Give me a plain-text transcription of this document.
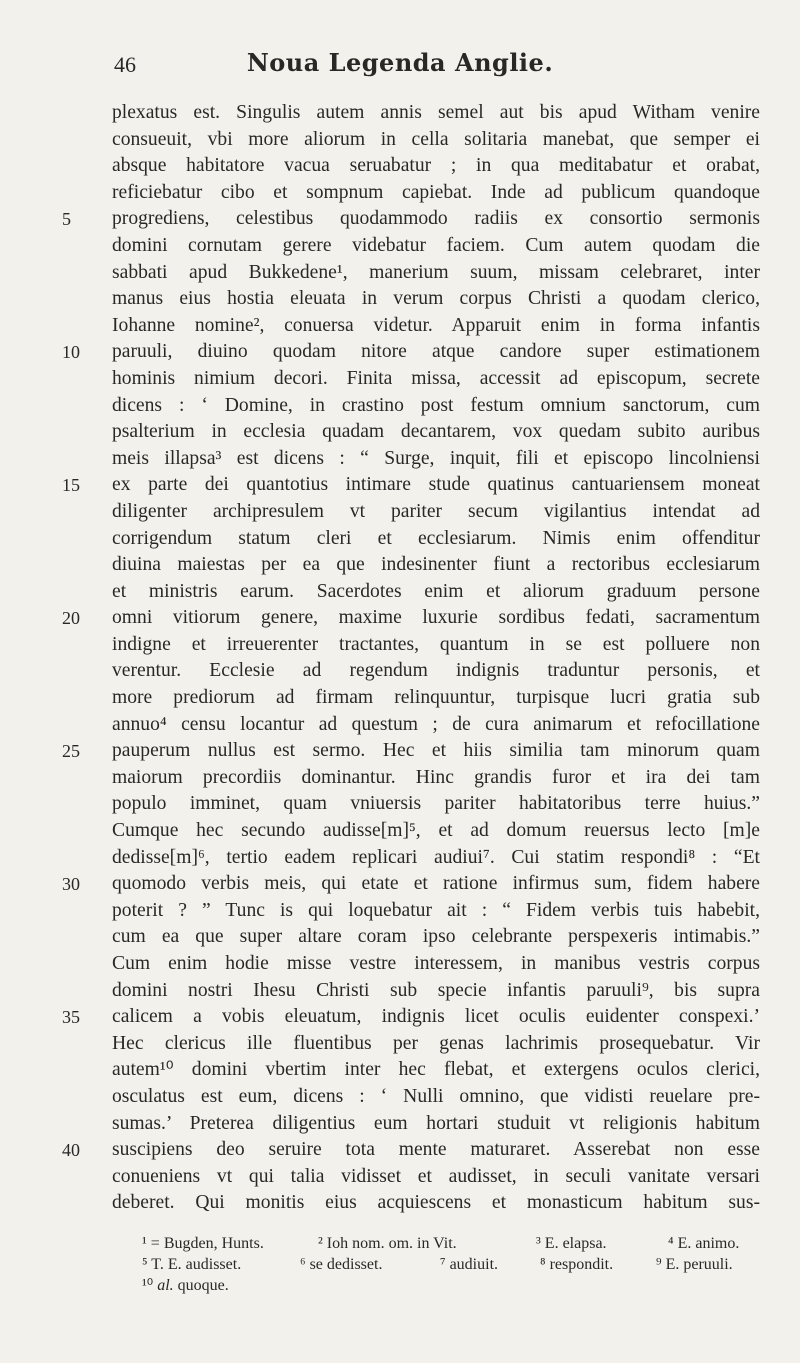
46	Noua Legenda Anglie.
plexatus est. Singulis autem annis semel aut bis apud Witham venire
consueuit, vbi more aliorum in cella solitaria manebat, que semper ei
absque habitatore vacua seruabatur ; in qua meditabatur et orabat,
reficiebatur cibo et sompnum capiebat. Inde ad publicum quandoque
5	progrediens, celestibus quodammodo radiis ex consortio sermonis
domini cornutam gerere videbatur faciem. Cum autem quodam die
sabbati apud Bukkedene¹, manerium suum, missam celebraret, inter
manus eius hostia eleuata in verum corpus Christi a quodam clerico,
Iohanne nomine², conuersa videtur. Apparuit enim in forma infantis
10	paruuli, diuino quodam nitore atque candore super estimationem
hominis nimium decori. Finita missa, accessit ad episcopum, secrete
dicens : ‘ Domine, in crastino post festum omnium sanctorum, cum
psalterium in ecclesia quadam decantarem, vox quedam subito auribus
meis illapsa³ est dicens : “ Surge, inquit, fili et episcopo lincolniensi
15	ex parte dei quantotius intimare stude quatinus cantuariensem moneat
diligenter archipresulem vt pariter secum vigilantius intendat ad
corrigendum statum cleri et ecclesiarum. Nimis enim offenditur
diuina maiestas per ea que indesinenter fiunt a rectoribus ecclesiarum
et ministris earum. Sacerdotes enim et aliorum graduum persone
20	omni vitiorum genere, maxime luxurie sordibus fedati, sacramentum
indigne et irreuerenter tractantes, quantum in se est polluere non
verentur. Ecclesie ad regendum indignis traduntur personis, et
more prediorum ad firmam relinquuntur, turpisque lucri gratia sub
annuo⁴ censu locantur ad questum ; de cura animarum et refocillatione
25	pauperum nullus est sermo. Hec et hiis similia tam minorum quam
maiorum precordiis dominantur. Hinc grandis furor et ira dei tam
populo imminet, quam vniuersis pariter habitatoribus terre huius.”
Cumque hec secundo audisse[m]⁵, et ad domum reuersus lecto [m]e
dedisse[m]⁶, tertio eadem replicari audiui⁷. Cui statim respondi⁸ : “Et
30	quomodo verbis meis, qui etate et ratione infirmus sum, fidem habere
poterit ? ” Tunc is qui loquebatur ait : “ Fidem verbis tuis habebit,
cum ea que super altare coram ipso celebrante perspexeris intimabis.”
Cum enim hodie misse vestre interessem, in manibus vestris corpus
domini nostri Ihesu Christi sub specie infantis paruuli⁹, bis supra
35	calicem a vobis eleuatum, indignis licet oculis euidenter conspexi.’
Hec clericus ille fluentibus per genas lachrimis prosequebatur. Vir
autem¹⁰ domini vbertim inter hec flebat, et extergens oculos clerici,
osculatus est eum, dicens : ‘ Nulli omnino, que vidisti reuelare pre-
sumas.’ Preterea diligentius eum hortari studuit vt religionis habitum
40	suscipiens deo seruire tota mente maturaret. Asserebat non esse
conueniens vt qui talia vidisset et audisset, in seculi vanitate versari
deberet. Qui monitis eius acquiescens et monasticum habitum sus-
¹ = Bugden, Hunts.	² Ioh nom. om. in Vit.	³ E. elapsa.	⁴ E. animo.
⁵ T. E. audisset.	⁶ se dedisset.	⁷ audiuit.	⁸ respondit.	⁹ E. peruuli.
¹⁰ al. quoque.
